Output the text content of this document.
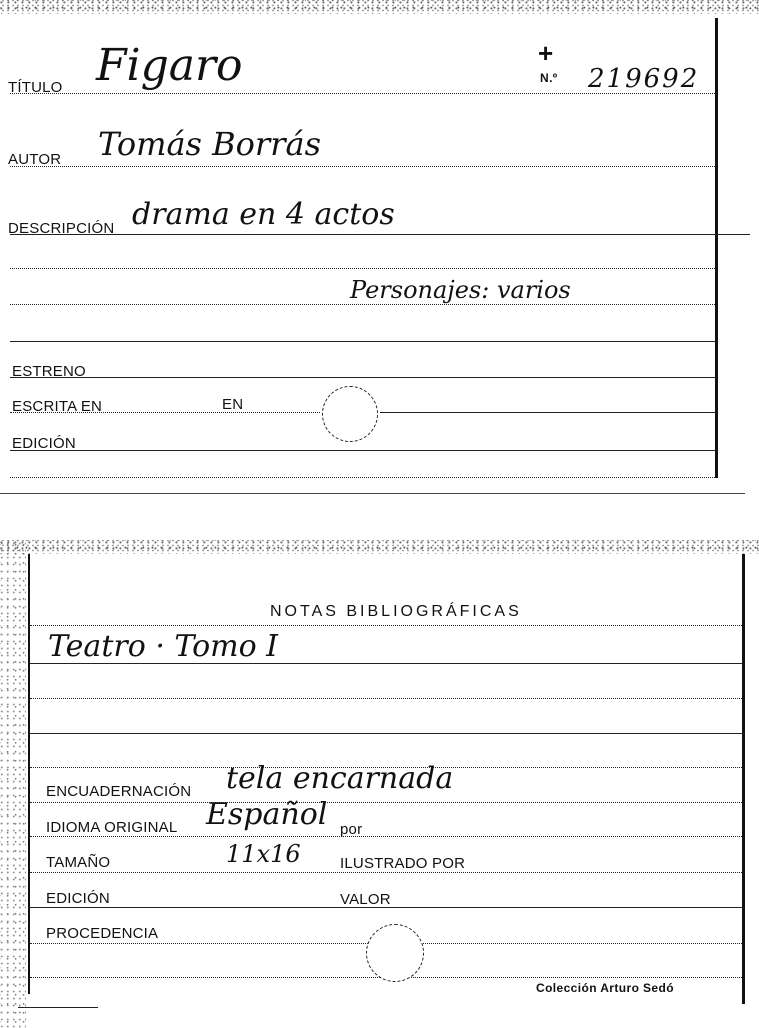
+
N.º 219692
TÍTULO Figaro
AUTOR Tomás Borrás
DESCRIPCIÓN drama en 4 actos
Personajes: varios
ESTRENO
ESCRITA EN	EN
EDICIÓN
NOTAS BIBLIOGRÁFICAS
Teatro · Tomo I
ENCUADERNACIÓN tela encarnada
IDIOMA ORIGINAL Español por
TAMAÑO	11x16	ILUSTRADO POR
EDICIÓN	VALOR
PROCEDENCIA
Colección Arturo Sedó
